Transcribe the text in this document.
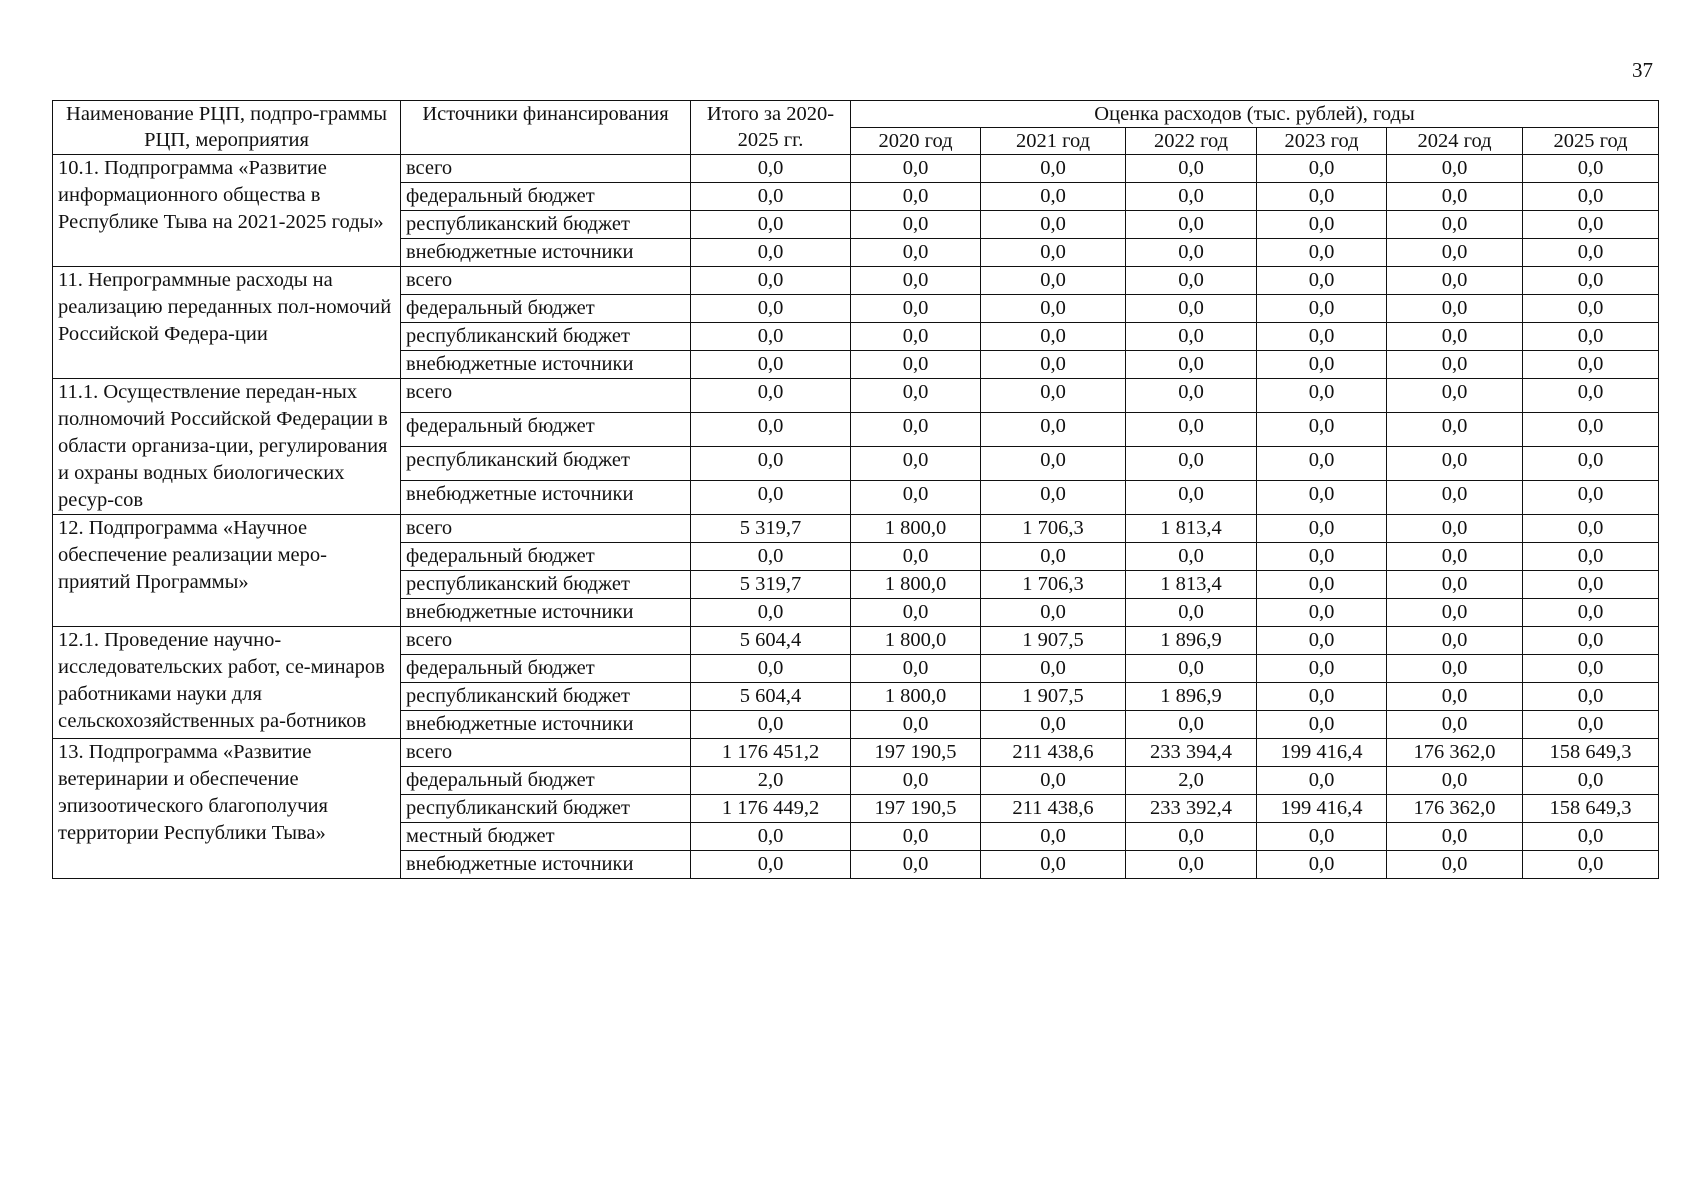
37
Наименование РЦП, подпро-граммы РЦП, мероприятия	Источники финансирования	Итого за 2020-2025 гг.	Оценка расходов (тыс. рублей), годы					
			2020 год	2021 год	2022 год	2023 год	2024 год	2025 год
10.1. Подпрограмма «Развитие информационного общества в Республике Тыва на 2021-2025 годы»	всего	0,0	0,0	0,0	0,0	0,0	0,0	0,0
	федеральный бюджет	0,0	0,0	0,0	0,0	0,0	0,0	0,0
	республиканский бюджет	0,0	0,0	0,0	0,0	0,0	0,0	0,0
	внебюджетные источники	0,0	0,0	0,0	0,0	0,0	0,0	0,0
11. Непрограммные расходы на реализацию переданных пол-номочий Российской Федера-ции	всего	0,0	0,0	0,0	0,0	0,0	0,0	0,0
	федеральный бюджет	0,0	0,0	0,0	0,0	0,0	0,0	0,0
	республиканский бюджет	0,0	0,0	0,0	0,0	0,0	0,0	0,0
	внебюджетные источники	0,0	0,0	0,0	0,0	0,0	0,0	0,0
11.1. Осуществление передан-ных полномочий Российской Федерации в области организа-ции, регулирования и охраны водных биологических ресур-сов	всего	0,0	0,0	0,0	0,0	0,0	0,0	0,0
	федеральный бюджет	0,0	0,0	0,0	0,0	0,0	0,0	0,0
	республиканский бюджет	0,0	0,0	0,0	0,0	0,0	0,0	0,0
	внебюджетные источники	0,0	0,0	0,0	0,0	0,0	0,0	0,0
12. Подпрограмма «Научное обеспечение реализации меро-приятий Программы»	всего	5 319,7	1 800,0	1 706,3	1 813,4	0,0	0,0	0,0
	федеральный бюджет	0,0	0,0	0,0	0,0	0,0	0,0	0,0
	республиканский бюджет	5 319,7	1 800,0	1 706,3	1 813,4	0,0	0,0	0,0
	внебюджетные источники	0,0	0,0	0,0	0,0	0,0	0,0	0,0
12.1. Проведение научно-исследовательских работ, се-минаров работниками науки для сельскохозяйственных ра-ботников	всего	5 604,4	1 800,0	1 907,5	1 896,9	0,0	0,0	0,0
	федеральный бюджет	0,0	0,0	0,0	0,0	0,0	0,0	0,0
	республиканский бюджет	5 604,4	1 800,0	1 907,5	1 896,9	0,0	0,0	0,0
	внебюджетные источники	0,0	0,0	0,0	0,0	0,0	0,0	0,0
13. Подпрограмма «Развитие ветеринарии и обеспечение эпизоотического благополучия территории Республики Тыва»	всего	1 176 451,2	197 190,5	211 438,6	233 394,4	199 416,4	176 362,0	158 649,3
	федеральный бюджет	2,0	0,0	0,0	2,0	0,0	0,0	0,0
	республиканский бюджет	1 176 449,2	197 190,5	211 438,6	233 392,4	199 416,4	176 362,0	158 649,3
	местный бюджет	0,0	0,0	0,0	0,0	0,0	0,0	0,0
	внебюджетные источники	0,0	0,0	0,0	0,0	0,0	0,0	0,0
